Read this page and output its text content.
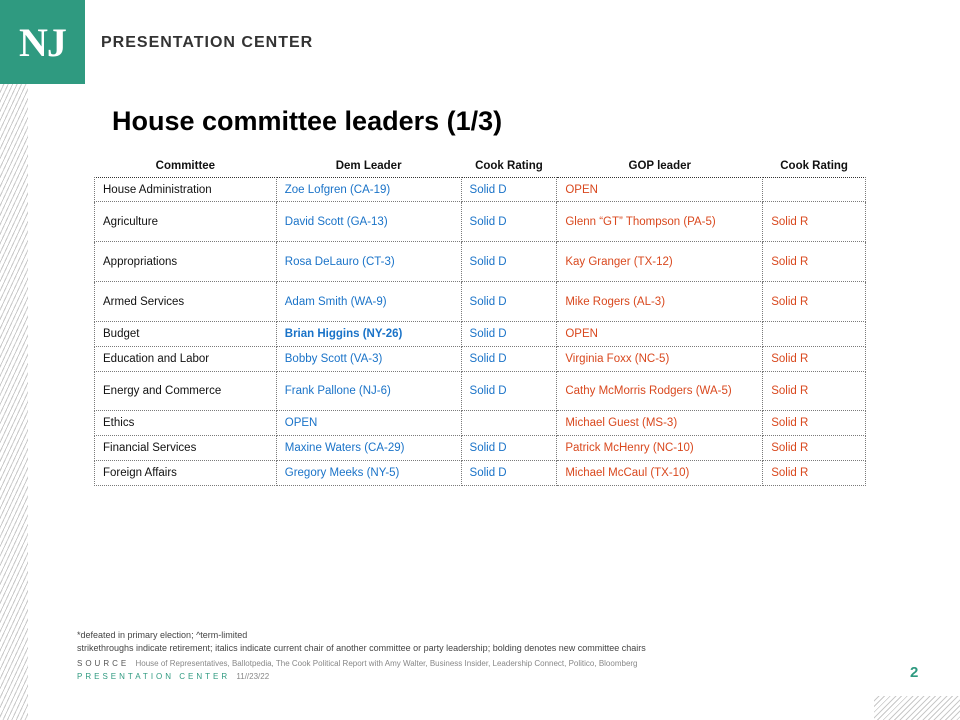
NJ	PRESENTATION CENTER
House committee leaders (1/3)
Committee	Dem Leader	Cook Rating	GOP leader	Cook Rating
House Administration	Zoe Lofgren (CA-19)	Solid D	OPEN	
Agriculture	David Scott (GA-13)	Solid D	Glenn “GT” Thompson (PA-5)	Solid R
Appropriations	Rosa DeLauro (CT-3)	Solid D	Kay Granger (TX-12)	Solid R
Armed Services	Adam Smith (WA-9)	Solid D	Mike Rogers (AL-3)	Solid R
Budget	Brian Higgins (NY-26)	Solid D	OPEN	
Education and Labor	Bobby Scott (VA-3)	Solid D	Virginia Foxx (NC-5)	Solid R
Energy and Commerce	Frank Pallone (NJ-6)	Solid D	Cathy McMorris Rodgers (WA-5)	Solid R
Ethics	OPEN		Michael Guest (MS-3)	Solid R
Financial Services	Maxine Waters (CA-29)	Solid D	Patrick McHenry (NC-10)	Solid R
Foreign Affairs	Gregory Meeks (NY-5)	Solid D	Michael McCaul (TX-10)	Solid R
*defeated in primary election; ^term-limited
strikethroughs indicate retirement; italics indicate current chair of another committee or party leadership; bolding denotes new committee chairs
SOURCE House of Representatives, Ballotpedia, The Cook Political Report with Amy Walter, Business Insider, Leadership Connect, Politico, Bloomberg
PRESENTATION CENTER 11//23/22	2
